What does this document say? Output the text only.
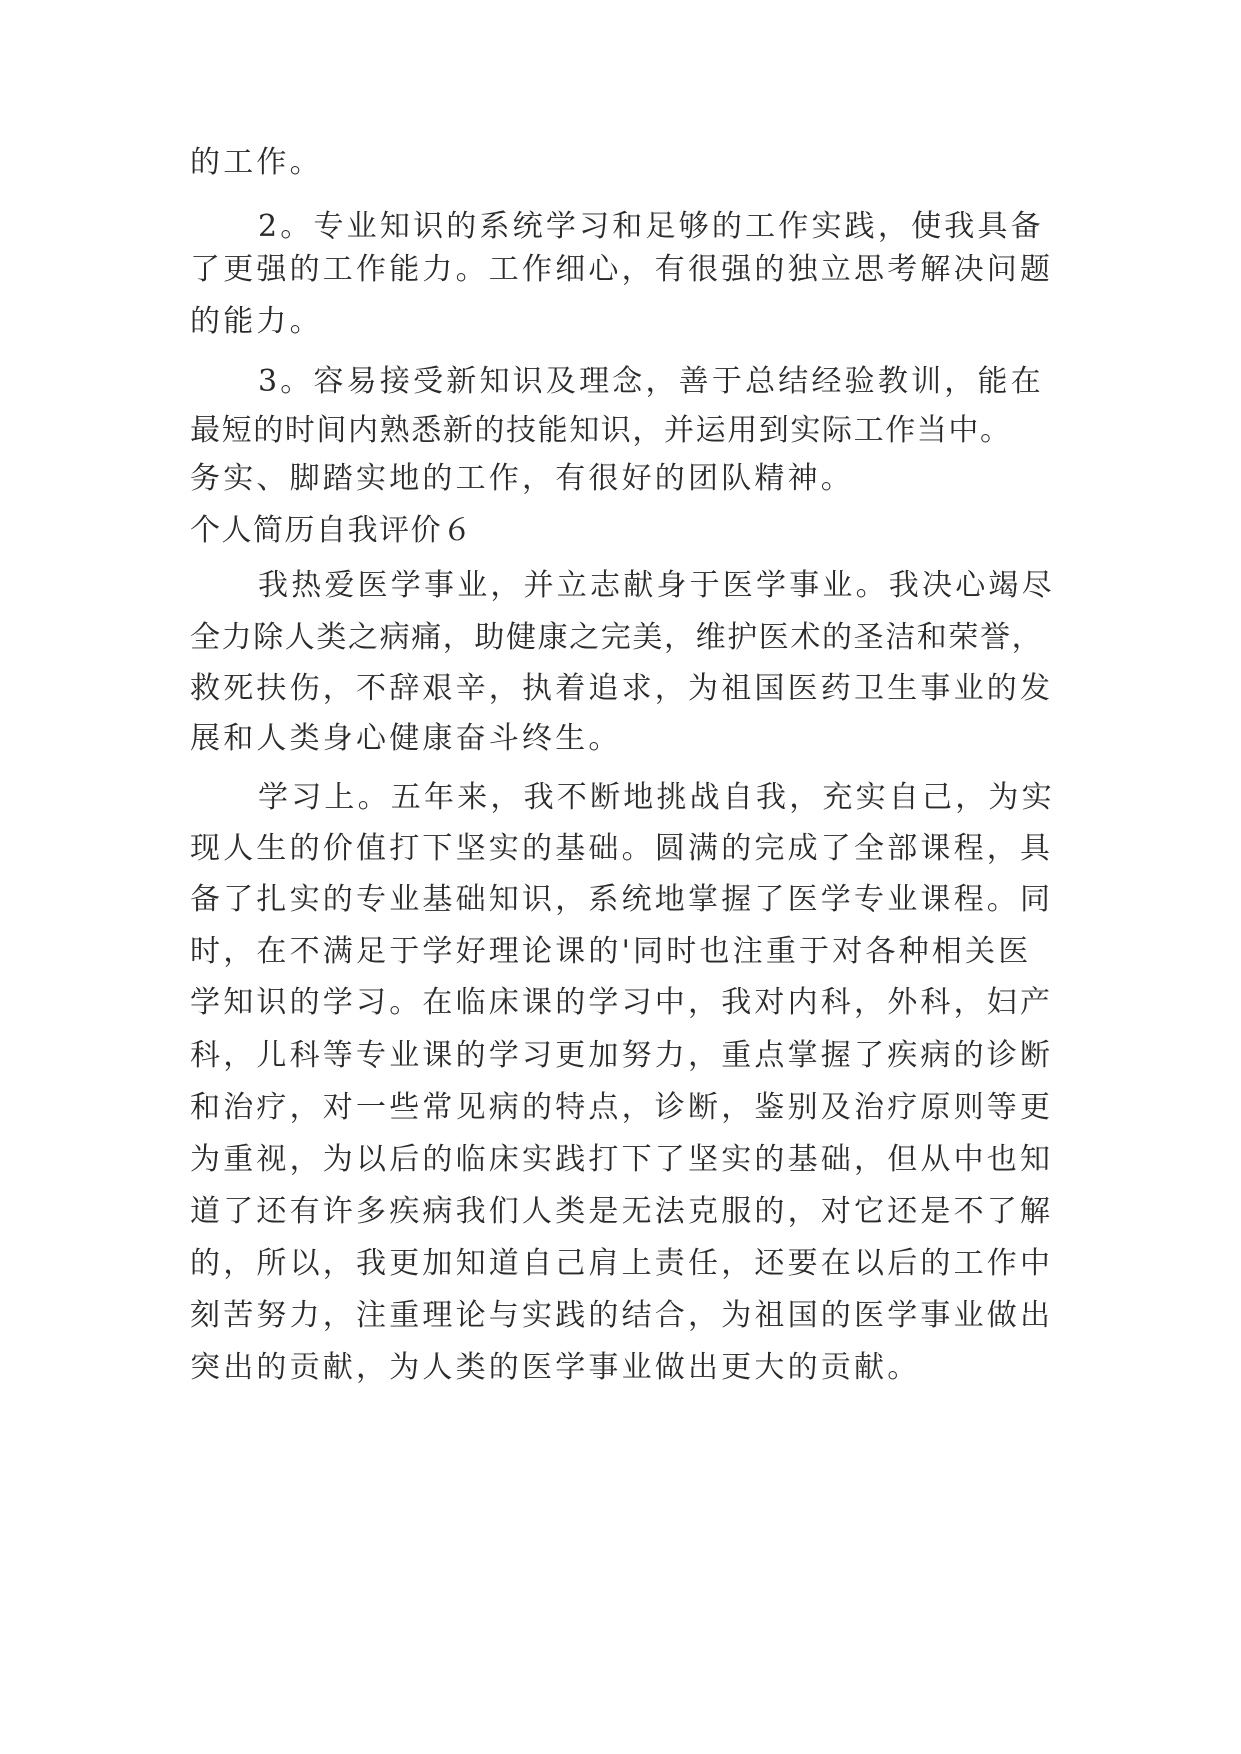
的工作。
2。专业知识的系统学习和足够的工作实践，使我具备
了更强的工作能力。工作细心，有很强的独立思考解决问题
的能力。
3。容易接受新知识及理念，善于总结经验教训，能在
最短的时间内熟悉新的技能知识，并运用到实际工作当中。
务实、脚踏实地的工作，有很好的团队精神。
个人简历自我评价６
我热爱医学事业，并立志献身于医学事业。我决心竭尽
全力除人类之病痛，助健康之完美，维护医术的圣洁和荣誉，
救死扶伤，不辞艰辛，执着追求，为祖国医药卫生事业的发
展和人类身心健康奋斗终生。
学习上。五年来，我不断地挑战自我，充实自己，为实
现人生的价值打下坚实的基础。圆满的完成了全部课程，具
备了扎实的专业基础知识，系统地掌握了医学专业课程。同
时，在不满足于学好理论课的'同时也注重于对各种相关医
学知识的学习。在临床课的学习中，我对内科，外科，妇产
科，儿科等专业课的学习更加努力，重点掌握了疾病的诊断
和治疗，对一些常见病的特点，诊断，鉴别及治疗原则等更
为重视，为以后的临床实践打下了坚实的基础，但从中也知
道了还有许多疾病我们人类是无法克服的，对它还是不了解
的，所以，我更加知道自己肩上责任，还要在以后的工作中
刻苦努力，注重理论与实践的结合，为祖国的医学事业做出
突出的贡献，为人类的医学事业做出更大的贡献。
